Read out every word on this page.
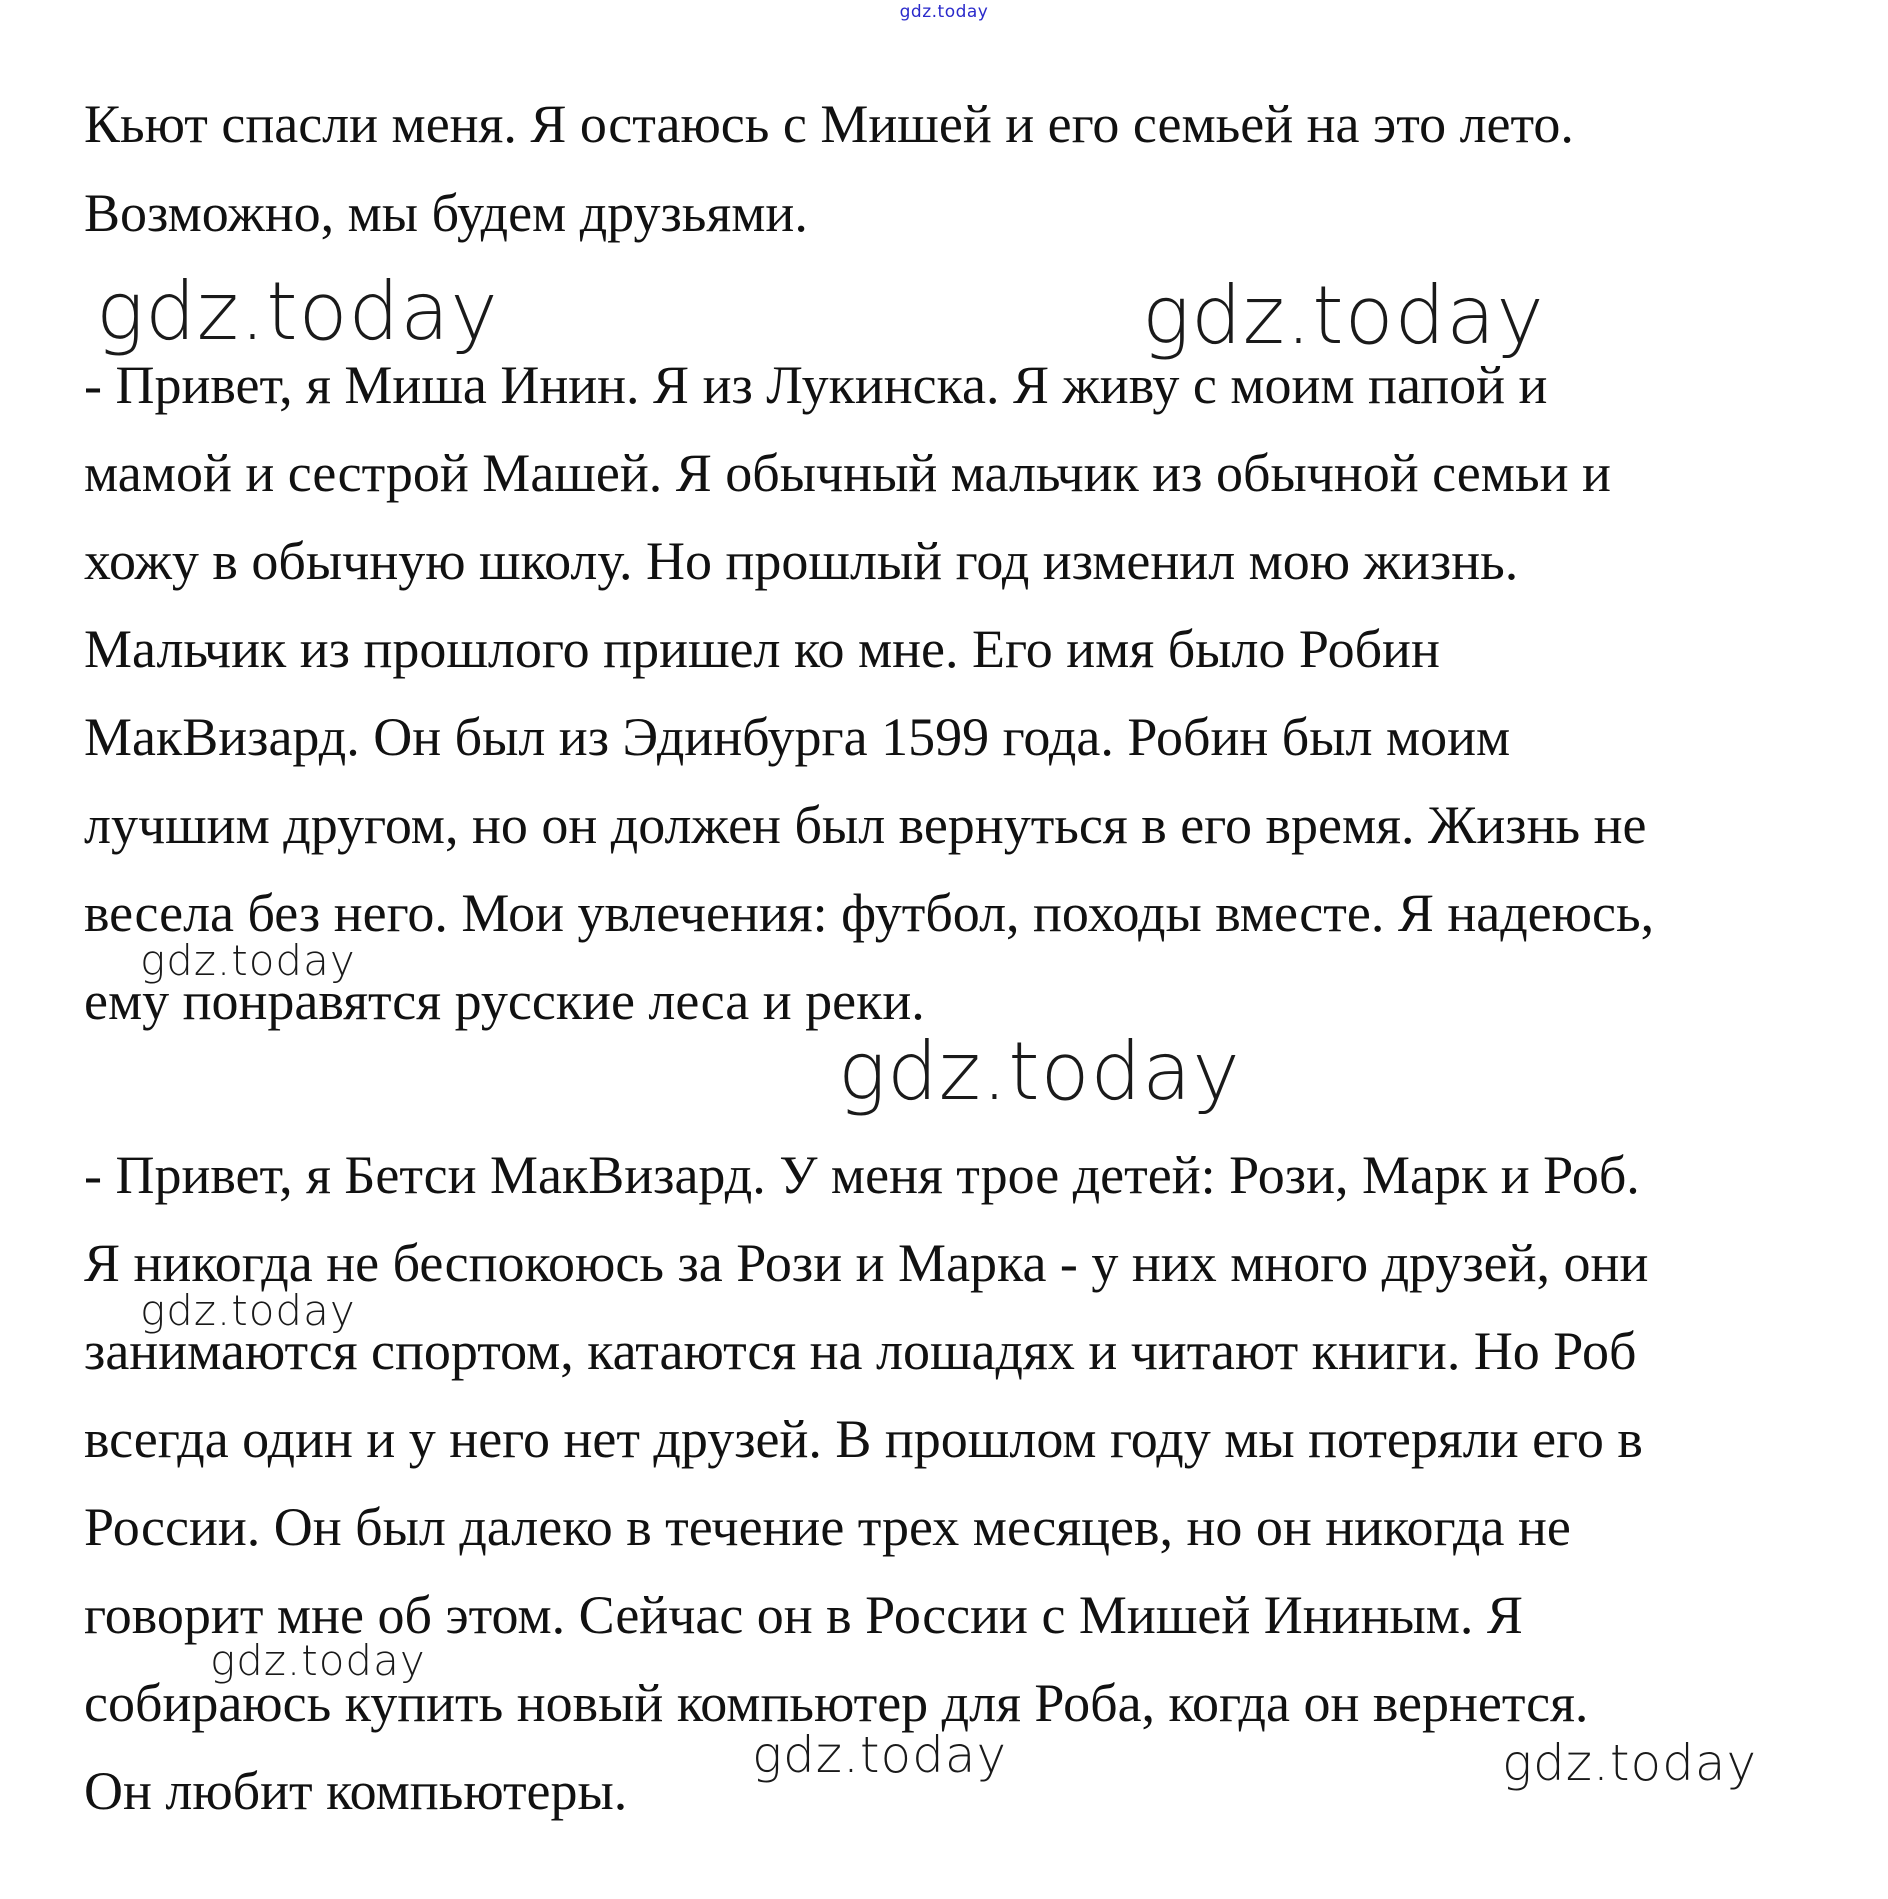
gdz.today
Кьют спасли меня. Я остаюсь с Мишей и его семьей на это лето.
Возможно, мы будем друзьями.
- Привет, я Миша Инин. Я из Лукинска. Я живу с моим папой и
мамой и сестрой Машей. Я обычный мальчик из обычной семьи и
хожу в обычную школу. Но прошлый год изменил мою жизнь.
Мальчик из прошлого пришел ко мне. Его имя было Робин
МакВизард. Он был из Эдинбурга 1599 года. Робин был моим
лучшим другом, но он должен был вернуться в его время. Жизнь не
весела без него. Мои увлечения: футбол, походы вместе. Я надеюсь,
ему понравятся русские леса и реки.
- Привет, я Бетси МакВизард. У меня трое детей: Рози, Марк и Роб.
Я никогда не беспокоюсь за Рози и Марка - у них много друзей, они
занимаются спортом, катаются на лошадях и читают книги. Но Роб
всегда один и у него нет друзей. В прошлом году мы потеряли его в
России. Он был далеко в течение трех месяцев, но он никогда не
говорит мне об этом. Сейчас он в России с Мишей Ининым. Я
собираюсь купить новый компьютер для Роба, когда он вернется.
Он любит компьютеры.
gdz.today	gdz.today
gdz.today
gdz.today
gdz.today
gdz.today
gdz.today	gdz.today
